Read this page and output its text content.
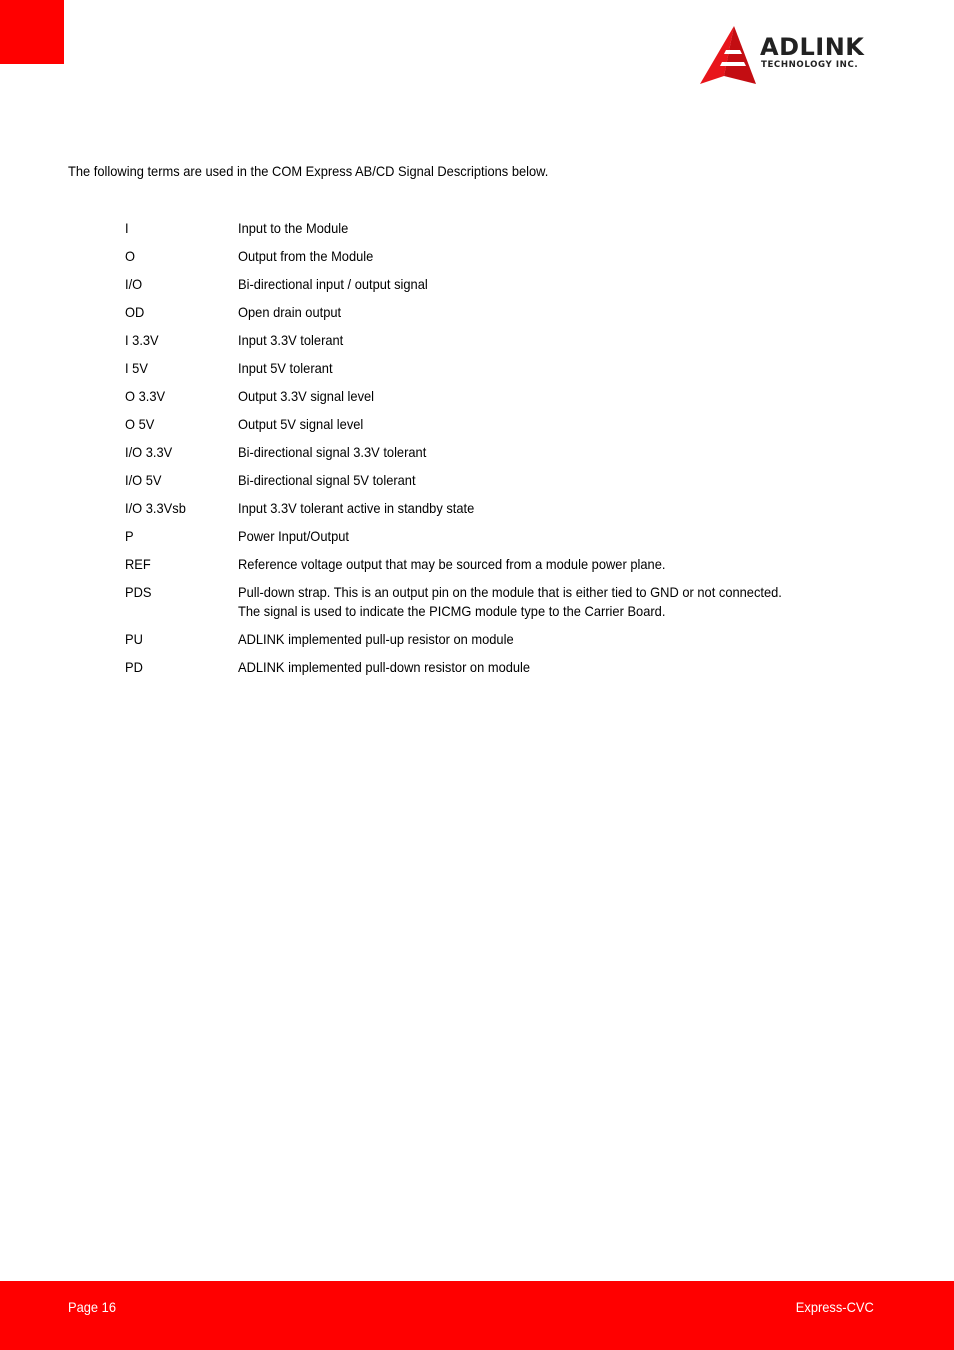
ADLINK
TECHNOLOGY INC.
The following terms are used in the COM Express AB/CD Signal Descriptions below.
I	Input to the Module
O	Output from the Module
I/O	Bi-directional input / output signal
OD	Open drain output
I 3.3V	Input 3.3V tolerant
I 5V	Input 5V tolerant
O 3.3V	Output 3.3V signal level
O 5V	Output 5V signal level
I/O 3.3V	Bi-directional signal 3.3V tolerant
I/O 5V	Bi-directional signal 5V tolerant
I/O 3.3Vsb	Input 3.3V tolerant active in standby state
P	Power Input/Output
REF	Reference voltage output that may be sourced from a module power plane.
PDS	Pull-down strap. This is an output pin on the module that is either tied to GND or not connected.
The signal is used to indicate the PICMG module type to the Carrier Board.
PU	ADLINK implemented pull-up resistor on module
PD	ADLINK implemented pull-down resistor on module
Page 16	Express-CVC
